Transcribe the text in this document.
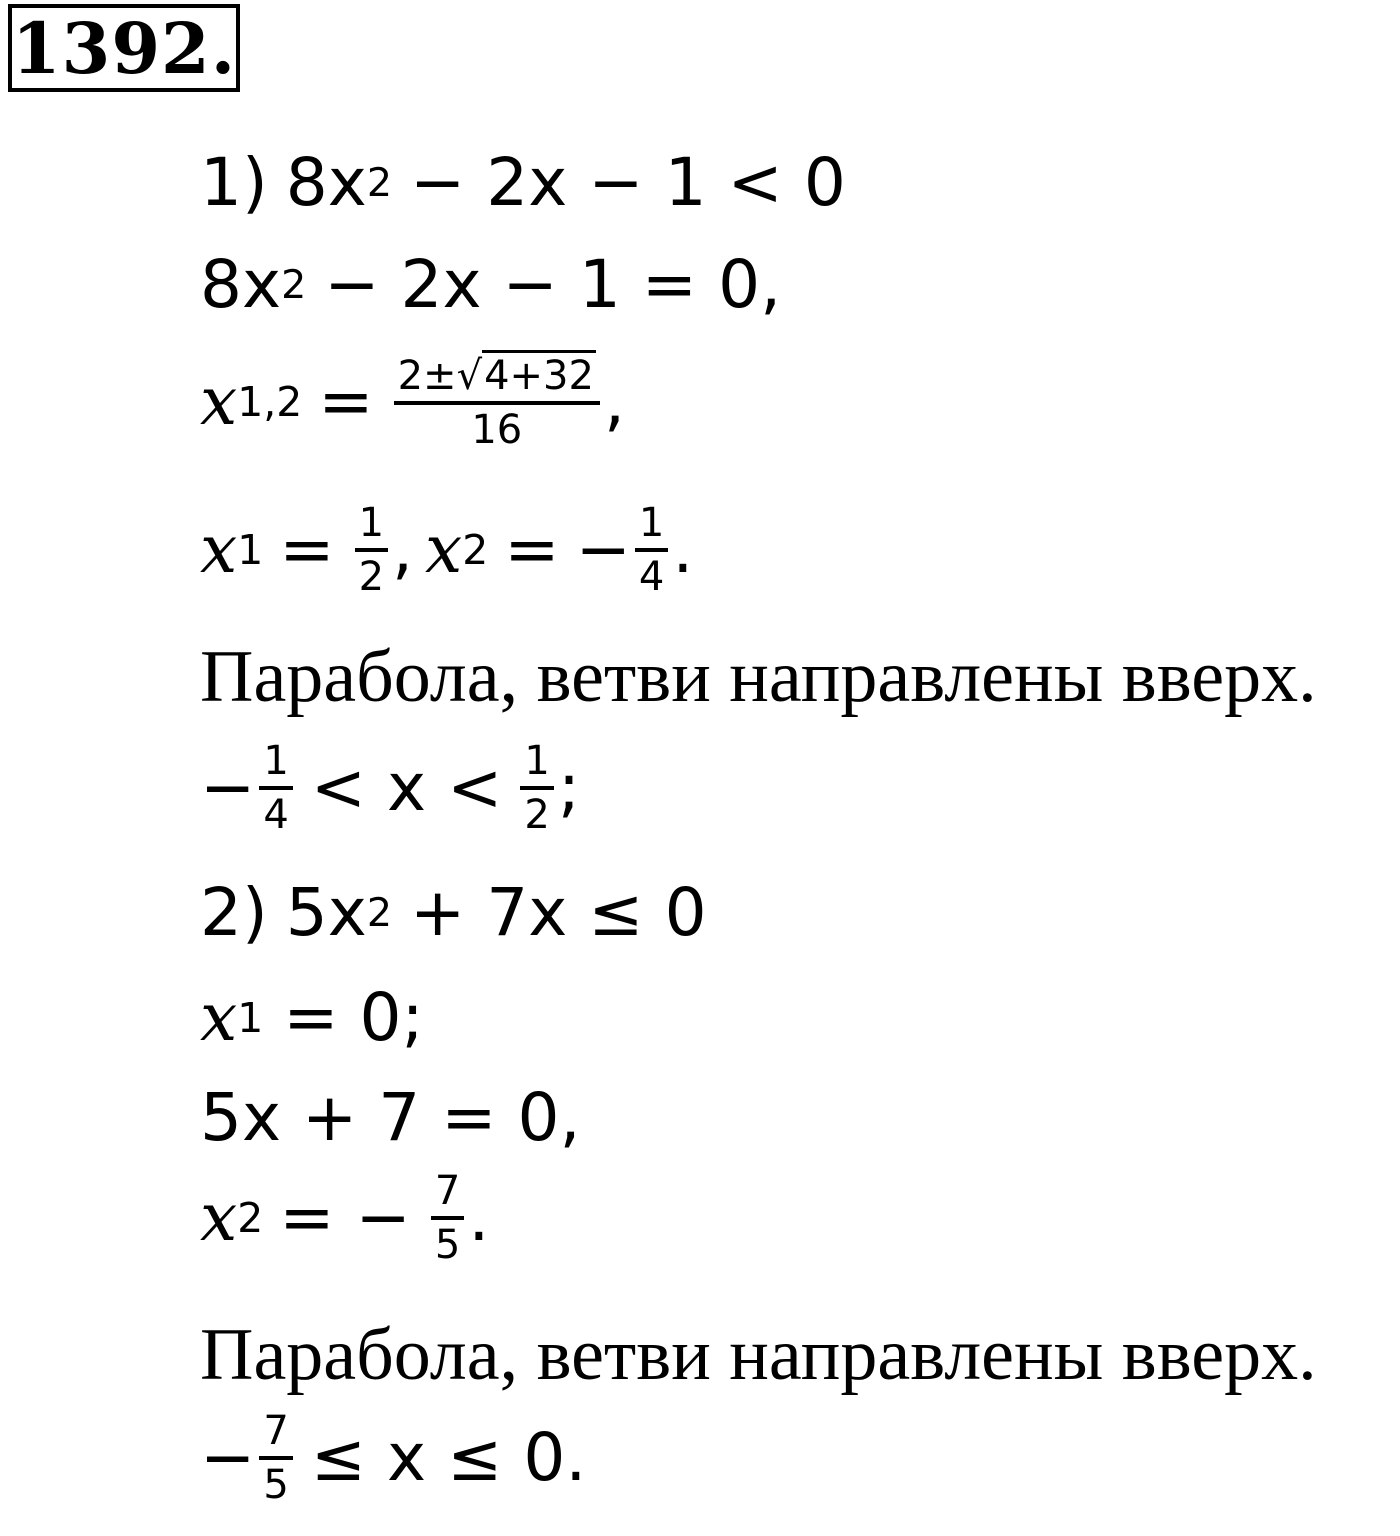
1392.
1) 8x 2 − 2x − 1 < 0
8x 2 − 2x − 1 = 0,
x $1,2 = \frac{2\pm √ 4+32}{16}$ ,
x $1 = \frac{1}{2}$ , x 2 = − $\frac{1}{4}$ .
Парабола, ветви направлены вверх.
− $\frac{1}{4} < x < \frac{1}{2}$ ;
2) 5x 2 + 7x ≤ 0
x 1 = 0;
5x + 7 = 0,
x 2 = − $\frac{7}{5}$ .
Парабола, ветви направлены вверх.
− $\frac{7}{5} \le x \le 0$.
